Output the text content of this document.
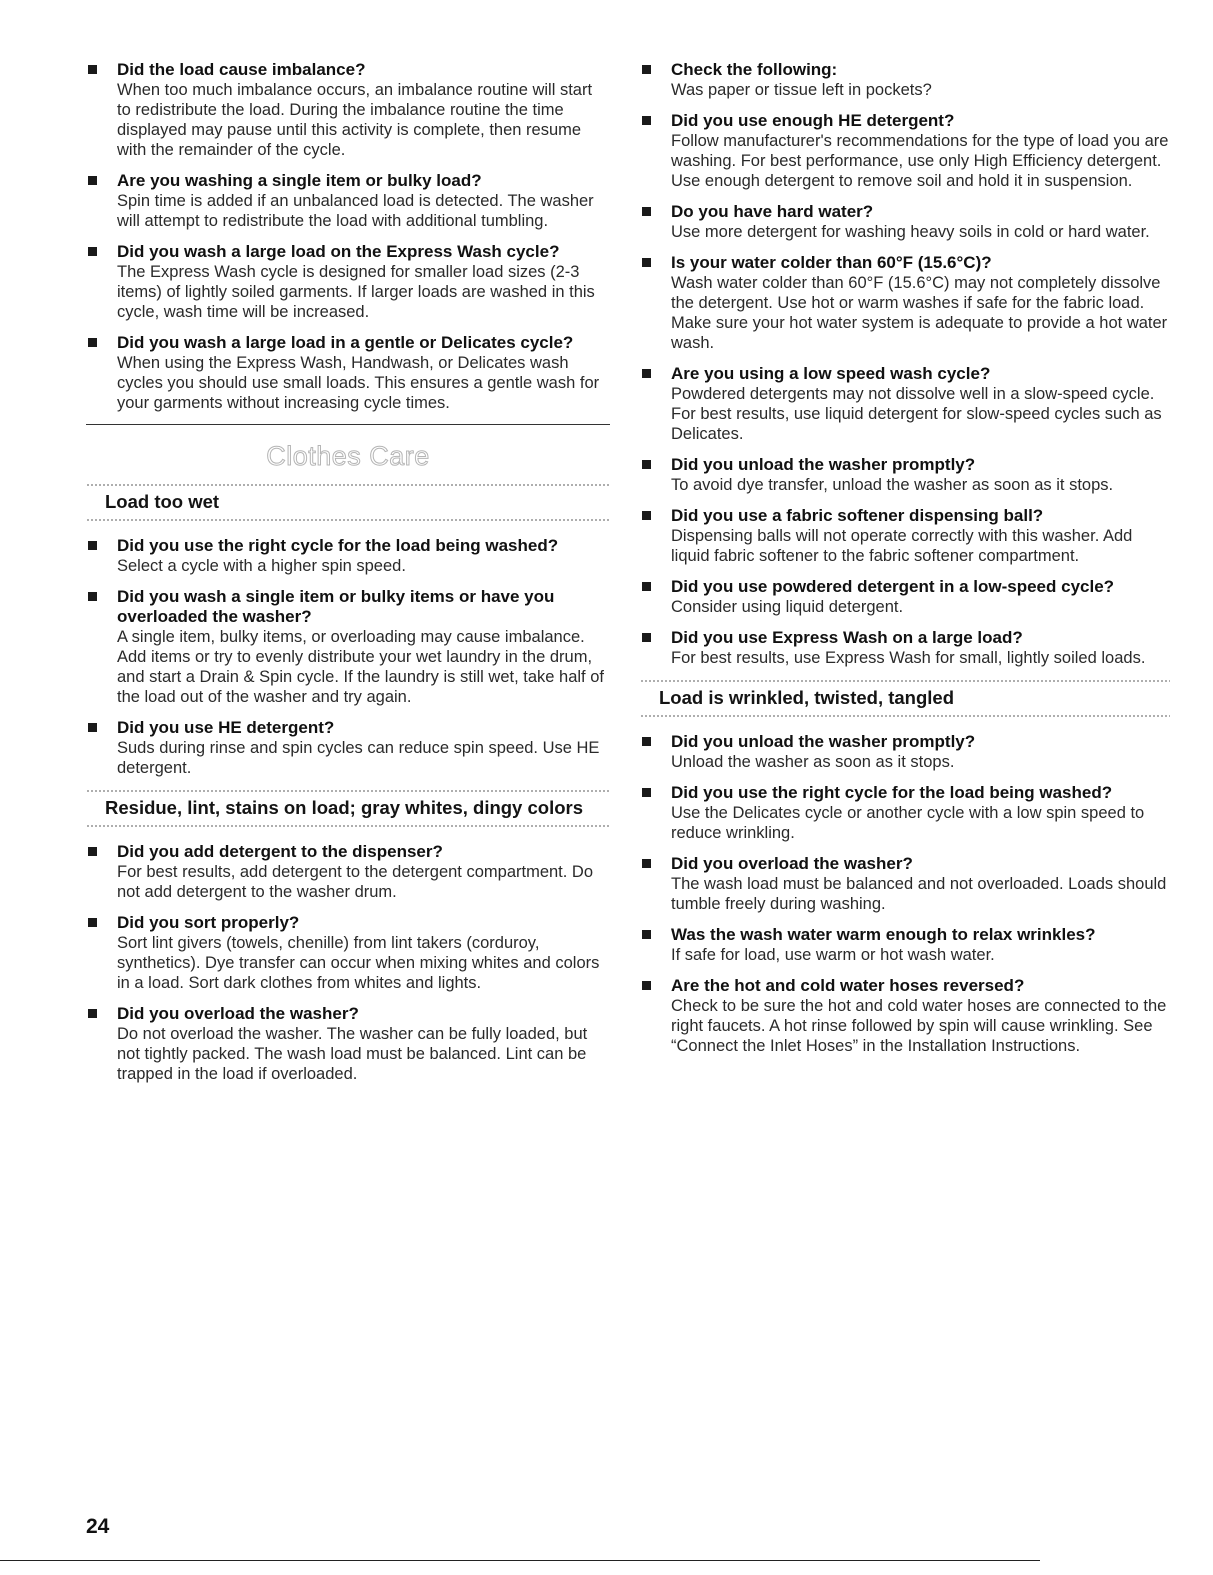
Did the load cause imbalance?
When too much imbalance occurs, an imbalance routine will start to redistribute the load. During the imbalance routine the time displayed may pause until this activity is complete, then resume with the remainder of the cycle.
Are you washing a single item or bulky load?
Spin time is added if an unbalanced load is detected. The washer will attempt to redistribute the load with additional tumbling.
Did you wash a large load on the Express Wash cycle?
The Express Wash cycle is designed for smaller load sizes (2-3 items) of lightly soiled garments. If larger loads are washed in this cycle, wash time will be increased.
Did you wash a large load in a gentle or Delicates cycle?
When using the Express Wash, Handwash, or Delicates wash cycles you should use small loads. This ensures a gentle wash for your garments without increasing cycle times.
Clothes Care
Load too wet
Did you use the right cycle for the load being washed?
Select a cycle with a higher spin speed.
Did you wash a single item or bulky items or have you overloaded the washer?
A single item, bulky items, or overloading may cause imbalance. Add items or try to evenly distribute your wet laundry in the drum, and start a Drain & Spin cycle. If the laundry is still wet, take half of the load out of the washer and try again.
Did you use HE detergent?
Suds during rinse and spin cycles can reduce spin speed. Use HE detergent.
Residue, lint, stains on load; gray whites, dingy colors
Did you add detergent to the dispenser?
For best results, add detergent to the detergent compartment. Do not add detergent to the washer drum.
Did you sort properly?
Sort lint givers (towels, chenille) from lint takers (corduroy, synthetics). Dye transfer can occur when mixing whites and colors in a load. Sort dark clothes from whites and lights.
Did you overload the washer?
Do not overload the washer. The washer can be fully loaded, but not tightly packed. The wash load must be balanced. Lint can be trapped in the load if overloaded.
Check the following:
Was paper or tissue left in pockets?
Did you use enough HE detergent?
Follow manufacturer's recommendations for the type of load you are washing. For best performance, use only High Efficiency detergent. Use enough detergent to remove soil and hold it in suspension.
Do you have hard water?
Use more detergent for washing heavy soils in cold or hard water.
Is your water colder than 60°F (15.6°C)?
Wash water colder than 60°F (15.6°C) may not completely dissolve the detergent. Use hot or warm washes if safe for the fabric load. Make sure your hot water system is adequate to provide a hot water wash.
Are you using a low speed wash cycle?
Powdered detergents may not dissolve well in a slow-speed cycle. For best results, use liquid detergent for slow-speed cycles such as Delicates.
Did you unload the washer promptly?
To avoid dye transfer, unload the washer as soon as it stops.
Did you use a fabric softener dispensing ball?
Dispensing balls will not operate correctly with this washer. Add liquid fabric softener to the fabric softener compartment.
Did you use powdered detergent in a low-speed cycle?
Consider using liquid detergent.
Did you use Express Wash on a large load?
For best results, use Express Wash for small, lightly soiled loads.
Load is wrinkled, twisted, tangled
Did you unload the washer promptly?
Unload the washer as soon as it stops.
Did you use the right cycle for the load being washed?
Use the Delicates cycle or another cycle with a low spin speed to reduce wrinkling.
Did you overload the washer?
The wash load must be balanced and not overloaded. Loads should tumble freely during washing.
Was the wash water warm enough to relax wrinkles?
If safe for load, use warm or hot wash water.
Are the hot and cold water hoses reversed?
Check to be sure the hot and cold water hoses are connected to the right faucets. A hot rinse followed by spin will cause wrinkling. See “Connect the Inlet Hoses” in the Installation Instructions.
24
